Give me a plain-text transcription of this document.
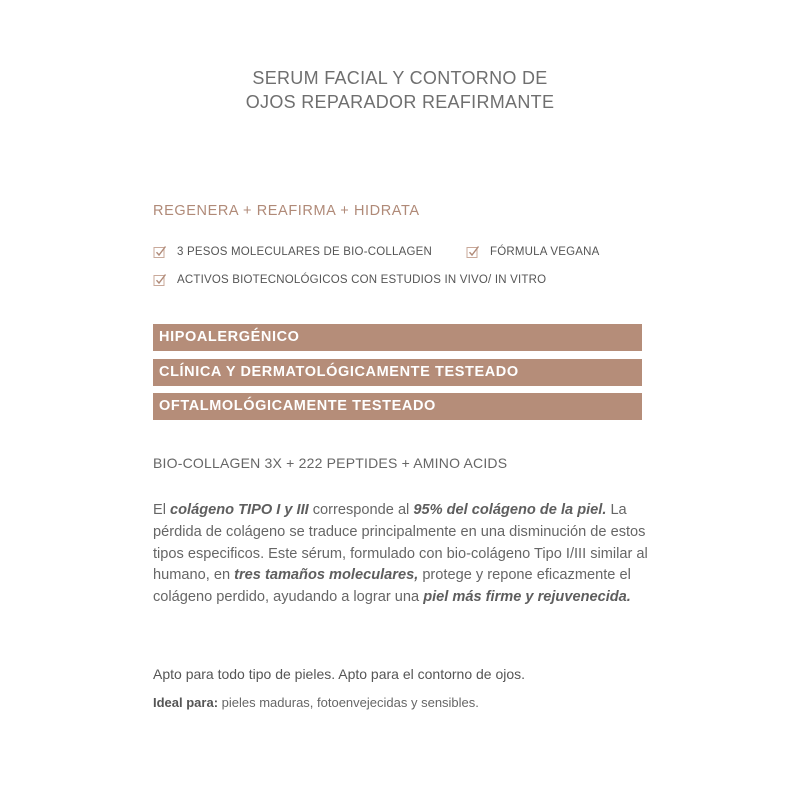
SERUM FACIAL Y CONTORNO DE
OJOS REPARADOR REAFIRMANTE
REGENERA + REAFIRMA + HIDRATA
3 PESOS MOLECULARES DE BIO-COLLAGEN	FÓRMULA VEGANA
ACTIVOS BIOTECNOLÓGICOS CON ESTUDIOS IN VIVO/ IN VITRO
HIPOALERGÉNICO
CLÍNICA Y DERMATOLÓGICAMENTE TESTEADO
OFTALMOLÓGICAMENTE TESTEADO
BIO-COLLAGEN 3X + 222 PEPTIDES + AMINO ACIDS
El colágeno TIPO I y III corresponde al 95% del colágeno de la piel. La pérdida de colágeno se traduce principalmente en una disminución de estos tipos especificos. Este sérum, formulado con bio-colágeno Tipo I/III similar al humano, en tres tamaños moleculares, protege y repone eficazmente el colágeno perdido, ayudando a lograr una piel más firme y rejuvenecida.
Apto para todo tipo de pieles. Apto para el contorno de ojos.
Ideal para: pieles maduras, fotoenvejecidas y sensibles.
